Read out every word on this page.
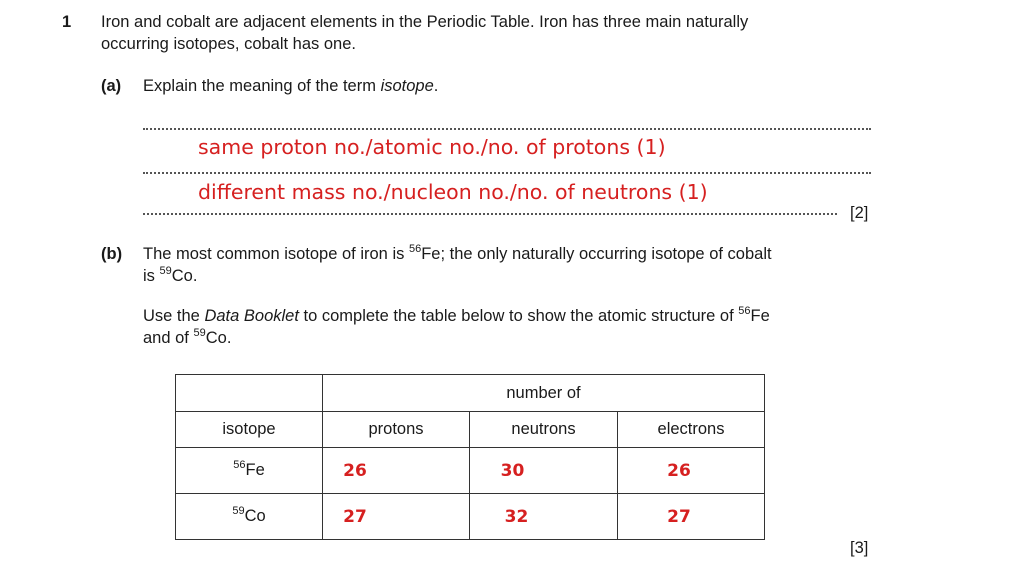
1 Iron and cobalt are adjacent elements in the Periodic Table. Iron has three main naturally
occurring isotopes, cobalt has one.
(a) Explain the meaning of the term isotope.
same proton no./atomic no./no. of protons (1)
different mass no./nucleon no./no. of neutrons (1)
[2]
(b) The most common isotope of iron is $^{56}$Fe; the only naturally occurring isotope of cobalt
is $^{59}$Co.
Use the Data Booklet to complete the table below to show the atomic structure of $^{56}$Fe
and of $^{59}$Co.
	number of		
isotope	protons	neutrons	electrons
$^{56}$Fe	26	30	26
$^{59}$Co	27	32	27
[3]
